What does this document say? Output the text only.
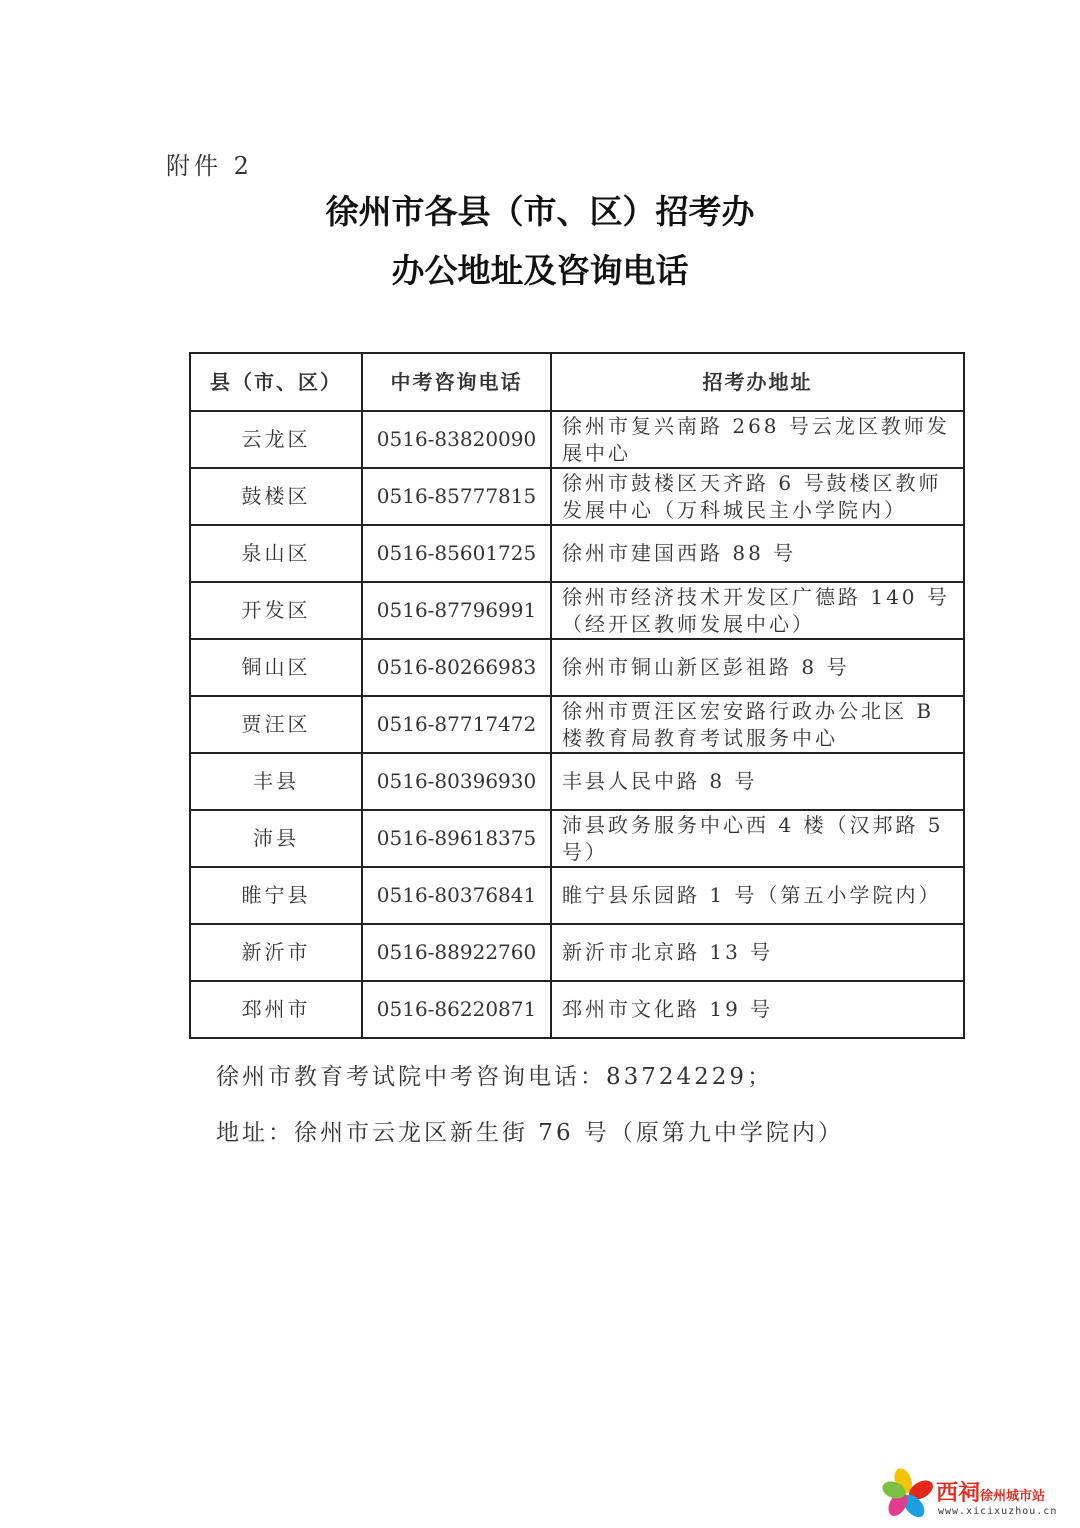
附件 2
徐州市各县（市、区）招考办
办公地址及咨询电话
县（市、区）	中考咨询电话	招考办地址
云龙区	0516-83820090	徐州市复兴南路 268 号云龙区教师发展中心
鼓楼区	0516-85777815	徐州市鼓楼区天齐路 6 号鼓楼区教师发展中心（万科城民主小学院内）
泉山区	0516-85601725	徐州市建国西路 88 号
开发区	0516-87796991	徐州市经济技术开发区广德路 140 号（经开区教师发展中心）
铜山区	0516-80266983	徐州市铜山新区彭祖路 8 号
贾汪区	0516-87717472	徐州市贾汪区宏安路行政办公北区 B 楼教育局教育考试服务中心
丰县	0516-80396930	丰县人民中路 8 号
沛县	0516-89618375	沛县政务服务中心西 4 楼（汉邦路 5 号）
睢宁县	0516-80376841	睢宁县乐园路 1 号（第五小学院内）
新沂市	0516-88922760	新沂市北京路 13 号
邳州市	0516-86220871	邳州市文化路 19 号
徐州市教育考试院中考咨询电话：83724229；
地址：徐州市云龙区新生街 76 号（原第九中学院内）
西祠徐州城市站
www.xicixuzhou.cn
